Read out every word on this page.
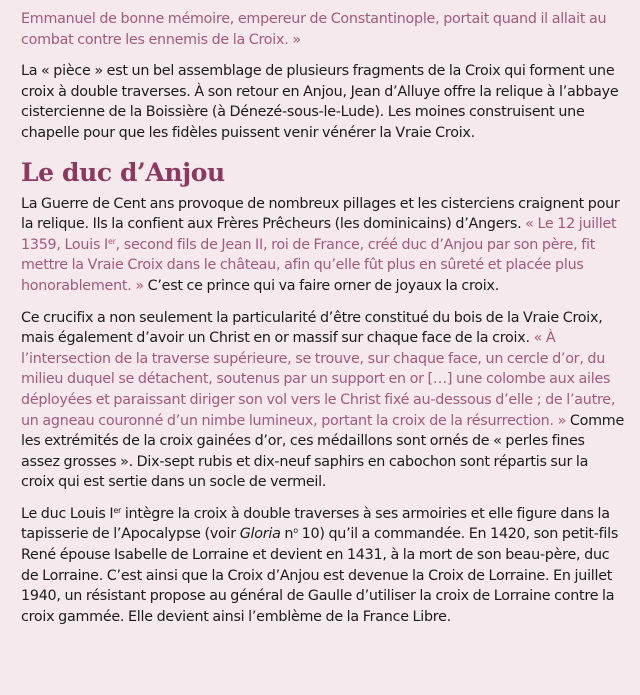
Emmanuel de bonne mémoire, empereur de Constantinople, portait quand il allait au combat contre les ennemis de la Croix. »

La « pièce » est un bel assemblage de plusieurs fragments de la Croix qui forment une croix à double traverses. À son retour en Anjou, Jean d’Alluye offre la relique à l’abbaye cistercienne de la Boissière (à Dénezé-sous-le-Lude). Les moines construisent une chapelle pour que les fidèles puissent venir vénérer la Vraie Croix.

Le duc d’Anjou

La Guerre de Cent ans provoque de nombreux pillages et les cisterciens craignent pour la relique. Ils la confient aux Frères Prêcheurs (les dominicains) d’Angers. « Le 12 juillet 1359, Louis Ier, second fils de Jean II, roi de France, créé duc d’Anjou par son père, fit mettre la Vraie Croix dans le château, afin qu’elle fût plus en sûreté et placée plus honorablement. » C’est ce prince qui va faire orner de joyaux la croix.

Ce crucifix a non seulement la particularité d’être constitué du bois de la Vraie Croix, mais également d’avoir un Christ en or massif sur chaque face de la croix. « À l’intersection de la traverse supérieure, se trouve, sur chaque face, un cercle d’or, du milieu duquel se détachent, soutenus par un support en or […] une colombe aux ailes déployées et paraissant diriger son vol vers le Christ fixé au-dessous d’elle ; de l’autre, un agneau couronné d’un nimbe lumineux, portant la croix de la résurrection. » Comme les extrémités de la croix gainées d’or, ces médaillons sont ornés de « perles fines assez grosses ». Dix-sept rubis et dix-neuf saphirs en cabochon sont répartis sur la croix qui est sertie dans un socle de vermeil.

Le duc Louis Ier intègre la croix à double traverses à ses armoiries et elle figure dans la tapisserie de l’Apocalypse (voir Gloria $n^o$ 10) qu’il a commandée. En 1420, son petit-fils René épouse Isabelle de Lorraine et devient en 1431, à la mort de son beau-père, duc de Lorraine. C’est ainsi que la Croix d’Anjou est devenue la Croix de Lorraine. En juillet 1940, un résistant propose au général de Gaulle d’utiliser la croix de Lorraine contre la croix gammée. Elle devient ainsi l’emblème de la France Libre.
